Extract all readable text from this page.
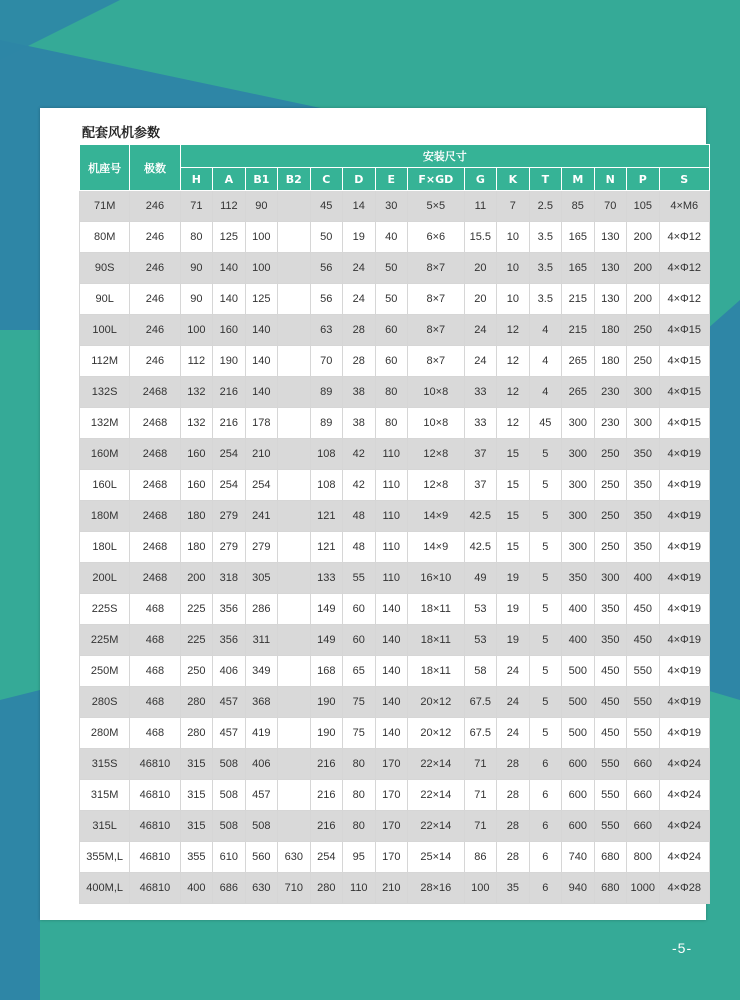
配套风机参数
机座号	极数	安装尺寸														
		H	A	B1	B2	C	D	E	F×GD	G	K	T	M	N	P	S
71M	246	71	112	90		45	14	30	5×5	11	7	2.5	85	70	105	4×M6
80M	246	80	125	100		50	19	40	6×6	15.5	10	3.5	165	130	200	4×Φ12
90S	246	90	140	100		56	24	50	8×7	20	10	3.5	165	130	200	4×Φ12
90L	246	90	140	125		56	24	50	8×7	20	10	3.5	215	130	200	4×Φ12
100L	246	100	160	140		63	28	60	8×7	24	12	4	215	180	250	4×Φ15
112M	246	112	190	140		70	28	60	8×7	24	12	4	265	180	250	4×Φ15
132S	2468	132	216	140		89	38	80	10×8	33	12	4	265	230	300	4×Φ15
132M	2468	132	216	178		89	38	80	10×8	33	12	45	300	230	300	4×Φ15
160M	2468	160	254	210		108	42	110	12×8	37	15	5	300	250	350	4×Φ19
160L	2468	160	254	254		108	42	110	12×8	37	15	5	300	250	350	4×Φ19
180M	2468	180	279	241		121	48	110	14×9	42.5	15	5	300	250	350	4×Φ19
180L	2468	180	279	279		121	48	110	14×9	42.5	15	5	300	250	350	4×Φ19
200L	2468	200	318	305		133	55	110	16×10	49	19	5	350	300	400	4×Φ19
225S	468	225	356	286		149	60	140	18×11	53	19	5	400	350	450	4×Φ19
225M	468	225	356	311		149	60	140	18×11	53	19	5	400	350	450	4×Φ19
250M	468	250	406	349		168	65	140	18×11	58	24	5	500	450	550	4×Φ19
280S	468	280	457	368		190	75	140	20×12	67.5	24	5	500	450	550	4×Φ19
280M	468	280	457	419		190	75	140	20×12	67.5	24	5	500	450	550	4×Φ19
315S	46810	315	508	406		216	80	170	22×14	71	28	6	600	550	660	4×Φ24
315M	46810	315	508	457		216	80	170	22×14	71	28	6	600	550	660	4×Φ24
315L	46810	315	508	508		216	80	170	22×14	71	28	6	600	550	660	4×Φ24
355M,L	46810	355	610	560	630	254	95	170	25×14	86	28	6	740	680	800	4×Φ24
400M,L	46810	400	686	630	710	280	110	210	28×16	100	35	6	940	680	1000	4×Φ28
-5-
